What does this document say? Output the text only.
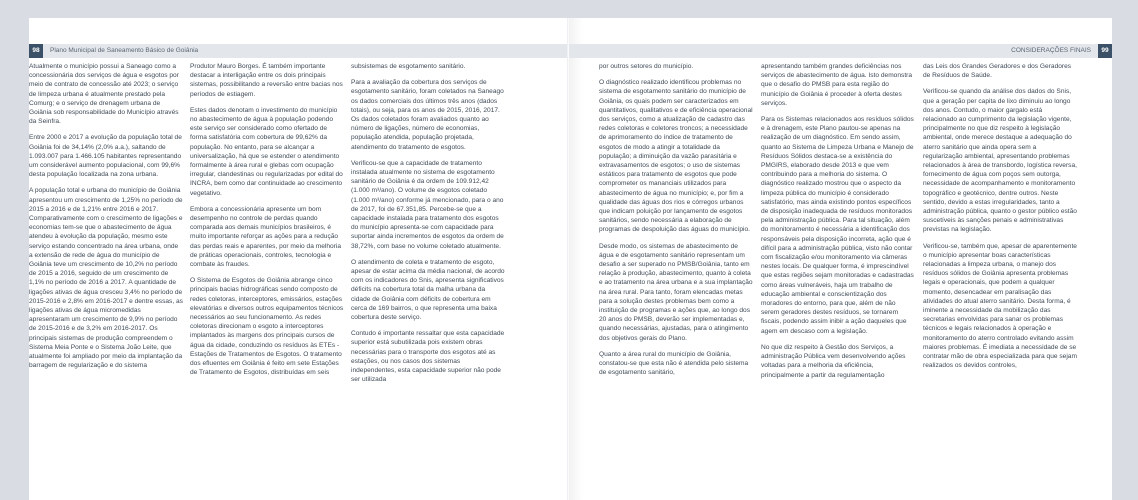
98	Plano Municipal de Saneamento Básico de Goiânia

Atualmente o município possui a Saneago como a concessionária dos serviços de água e esgotos por meio de contrato de concessão até 2023; o serviço de limpeza urbana é atualmente prestado pela Comurg; e o serviço de drenagem urbana de Goiânia sob responsabilidade do Município através da Seinfra.

Entre 2000 e 2017 a evolução da população total de Goiânia foi de 34,14% (2,0% a.a.), saltando de 1.093.007 para 1.466.105 habitantes representando um considerável aumento populacional, com 99,6% desta população localizada na zona urbana.

A população total e urbana do município de Goiânia apresentou um crescimento de 1,25% no período de 2015 a 2016 e de 1,21% entre 2016 e 2017. Comparativamente com o crescimento de ligações e economias tem-se que o abastecimento de água atendeu à evolução da população, mesmo este serviço estando concentrado na área urbana, onde a extensão de rede de água do município de Goiânia teve um crescimento de 10,2% no período de 2015 a 2016, seguido de um crescimento de 1,1% no período de 2016 a 2017. A quantidade de ligações ativas de água cresceu 3,4% no período de 2015-2016 e 2,8% em 2016-2017 e dentre essas, as ligações ativas de água micromedidas apresentaram um crescimento de 9,9% no período de 2015-2016 e de 3,2% em 2016-2017. Os principais sistemas de produção compreendem o Sistema Meia Ponte e o Sistema João Leite, que atualmente foi ampliado por meio da implantação da barragem de regularização e do sistema

Produtor Mauro Borges. É também importante destacar a interligação entre os dois principais sistemas, possibilitando a reversão entre bacias nos períodos de estiagem.

Estes dados denotam o investimento do município no abastecimento de água à população podendo este serviço ser considerado como ofertado de forma satisfatória com cobertura de 99,62% da população. No entanto, para se alcançar a universalização, há que se estender o atendimento formalmente à área rural e glebas com ocupação irregular, clandestinas ou regularizadas por edital do INCRA, bem como dar continuidade ao crescimento vegetativo.

Embora a concessionária apresente um bom desempenho no controle de perdas quando comparada aos demais municípios brasileiros, é muito importante reforçar as ações para a redução das perdas reais e aparentes, por meio da melhoria de práticas operacionais, controles, tecnologia e combate às fraudes.

O Sistema de Esgotos de Goiânia abrange cinco principais bacias hidrográficas sendo composto de redes coletoras, interceptores, emissários, estações elevatórias e diversos outros equipamentos técnicos necessários ao seu funcionamento. As redes coletoras direcionam o esgoto a interceptores implantados às margens dos principais cursos de água da cidade, conduzindo os resíduos às ETEs - Estações de Tratamentos de Esgotos. O tratamento dos efluentes em Goiânia é feito em sete Estações de Tratamento de Esgotos, distribuídas em seis

subsistemas de esgotamento sanitário.

Para a avaliação da cobertura dos serviços de esgotamento sanitário, foram coletados na Saneago os dados comerciais dos últimos três anos (dados totais), ou seja, para os anos de 2015, 2016, 2017. Os dados coletados foram avaliados quanto ao número de ligações, número de economias, população atendida, população projetada, atendimento do tratamento de esgotos.

Verificou-se que a capacidade de tratamento instalada atualmente no sistema de esgotamento sanitário de Goiânia é da ordem de 109.912,42 (1.000 m³/ano). O volume de esgotos coletado (1.000 m³/ano) conforme já mencionado, para o ano de 2017, foi de 67.351,85. Percebe-se que a capacidade instalada para tratamento dos esgotos do município apresenta-se com capacidade para suportar ainda incrementos de esgotos da ordem de 38,72%, com base no volume coletado atualmente.

O atendimento de coleta e tratamento de esgoto, apesar de estar acima da média nacional, de acordo com os indicadores do Snis, apresenta significativos déficits na cobertura total da malha urbana da cidade de Goiânia com déficits de cobertura em cerca de 169 bairros, o que representa uma baixa cobertura deste serviço.

Contudo é importante ressaltar que esta capacidade superior está subutilizada pois existem obras necessárias para o transporte dos esgotos até as estações, ou nos casos dos sistemas independentes, esta capacidade superior não pode ser utilizada

CONSIDERAÇÕES FINAIS	99

por outros setores do município.

O diagnóstico realizado identificou problemas no sistema de esgotamento sanitário do município de Goiânia, os quais podem ser caracterizados em quantitativos, qualitativos e de eficiência operacional dos serviços, como a atualização de cadastro das redes coletoras e coletores troncos; a necessidade de aprimoramento do índice de tratamento de esgotos de modo a atingir a totalidade da população; a diminuição da vazão parasitária e extravasamentos de esgotos; o uso de sistemas estáticos para tratamento de esgotos que pode comprometer os mananciais utilizados para abastecimento de água no município; e, por fim a qualidade das águas dos rios e córregos urbanos que indicam poluição por lançamento de esgotos sanitários, sendo necessária a elaboração de programas de despoluição das águas do município.

Desde modo, os sistemas de abastecimento de água e de esgotamento sanitário representam um desafio a ser superado no PMSB/Goiânia, tanto em relação à produção, abastecimento, quanto à coleta e ao tratamento na área urbana e a sua implantação na área rural. Para tanto, foram elencadas metas para a solução destes problemas bem como a instituição de programas e ações que, ao longo dos 20 anos do PMSB, deverão ser implementadas e, quando necessárias, ajustadas, para o atingimento dos objetivos gerais do Plano.

Quanto a área rural do município de Goiânia, constatou-se que esta não é atendida pelo sistema de esgotamento sanitário,

apresentando também grandes deficiências nos serviços de abastecimento de água. Isto demonstra que o desafio do PMSB para esta região do município de Goiânia é proceder à oferta destes serviços.

Para os Sistemas relacionados aos resíduos sólidos e à drenagem, este Plano pautou-se apenas na realização de um diagnóstico. Em sendo assim, quanto ao Sistema de Limpeza Urbana e Manejo de Resíduos Sólidos destaca-se a existência do PMGIRS, elaborado desde 2013 e que vem contribuindo para a melhoria do sistema. O diagnóstico realizado mostrou que o aspecto da limpeza pública do município é considerado satisfatório, mas ainda existindo pontos específicos de disposição inadequada de resíduos monitorados pela administração pública. Para tal situação, além do monitoramento é necessária a identificação dos responsáveis pela disposição incorreta, ação que é difícil para a administração pública, visto não contar com fiscalização e/ou monitoramento via câmeras nestes locais. De qualquer forma, é imprescindível que estas regiões sejam monitoradas e cadastradas como áreas vulneráveis, haja um trabalho de educação ambiental e conscientização dos moradores do entorno, para que, além de não serem geradores destes resíduos, se tornarem fiscais, podendo assim inibir a ação daqueles que agem em descaso com a legislação.

No que diz respeito à Gestão dos Serviços, a administração Pública vem desenvolvendo ações voltadas para a melhoria da eficiência, principalmente a partir da regulamentação

das Leis dos Grandes Geradores e dos Geradores de Resíduos de Saúde.

Verificou-se quando da análise dos dados do Snis, que a geração per capita de lixo diminuiu ao longo dos anos. Contudo, o maior gargalo está relacionado ao cumprimento da legislação vigente, principalmente no que diz respeito à legislação ambiental, onde merece destaque a adequação do aterro sanitário que ainda opera sem a regularização ambiental, apresentando problemas relacionados à área de transbordo, logística reversa, fornecimento de água com poços sem outorga, necessidade de acompanhamento e monitoramento topográfico e geotécnico, dentre outros. Neste sentido, devido a estas irregularidades, tanto a administração pública, quanto o gestor público estão suscetíveis às sanções penais e administrativas previstas na legislação.

Verificou-se, também que, apesar de aparentemente o município apresentar boas características relacionadas a limpeza urbana, o manejo dos resíduos sólidos de Goiânia apresenta problemas legais e operacionais, que podem a qualquer momento, desencadear em paralisação das atividades do atual aterro sanitário. Desta forma, é iminente a necessidade da mobilização das secretarias envolvidas para sanar os problemas técnicos e legais relacionados à operação e monitoramento do aterro controlado evitando assim maiores problemas. É imediata a necessidade de se contratar mão de obra especializada para que sejam realizados os devidos controles,
